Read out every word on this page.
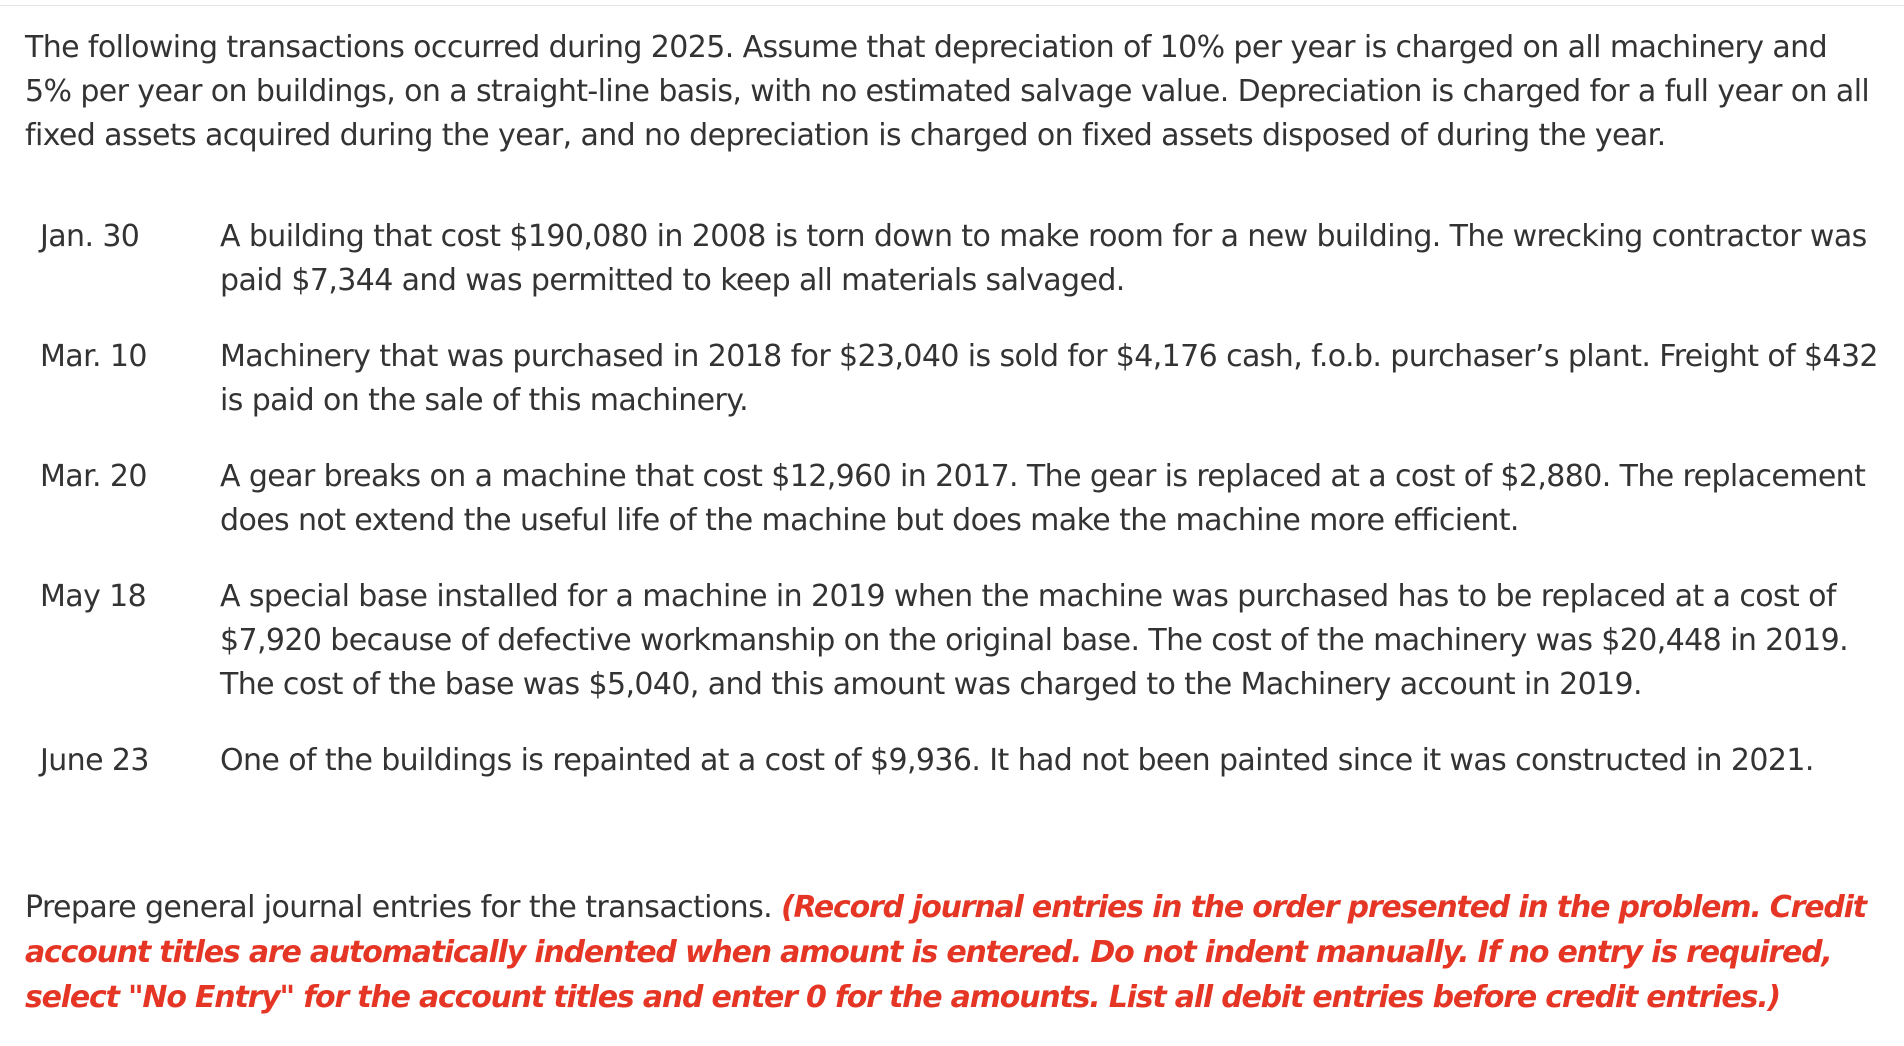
The following transactions occurred during 2025. Assume that depreciation of 10% per year is charged on all machinery and 5% per year on buildings, on a straight-line basis, with no estimated salvage value. Depreciation is charged for a full year on all fixed assets acquired during the year, and no depreciation is charged on fixed assets disposed of during the year.

Jan. 30	A building that cost $190,080 in 2008 is torn down to make room for a new building. The wrecking contractor was paid $7,344 and was permitted to keep all materials salvaged.
Mar. 10	Machinery that was purchased in 2018 for $23,040 is sold for $4,176 cash, f.o.b. purchaser’s plant. Freight of $432 is paid on the sale of this machinery.
Mar. 20	A gear breaks on a machine that cost $12,960 in 2017. The gear is replaced at a cost of $2,880. The replacement does not extend the useful life of the machine but does make the machine more efficient.
May 18	A special base installed for a machine in 2019 when the machine was purchased has to be replaced at a cost of $7,920 because of defective workmanship on the original base. The cost of the machinery was $20,448 in 2019. The cost of the base was $5,040, and this amount was charged to the Machinery account in 2019.
June 23	One of the buildings is repainted at a cost of $9,936. It had not been painted since it was constructed in 2021.

Prepare general journal entries for the transactions. (Record journal entries in the order presented in the problem. Credit account titles are automatically indented when amount is entered. Do not indent manually. If no entry is required, select "No Entry" for the account titles and enter 0 for the amounts. List all debit entries before credit entries.)
